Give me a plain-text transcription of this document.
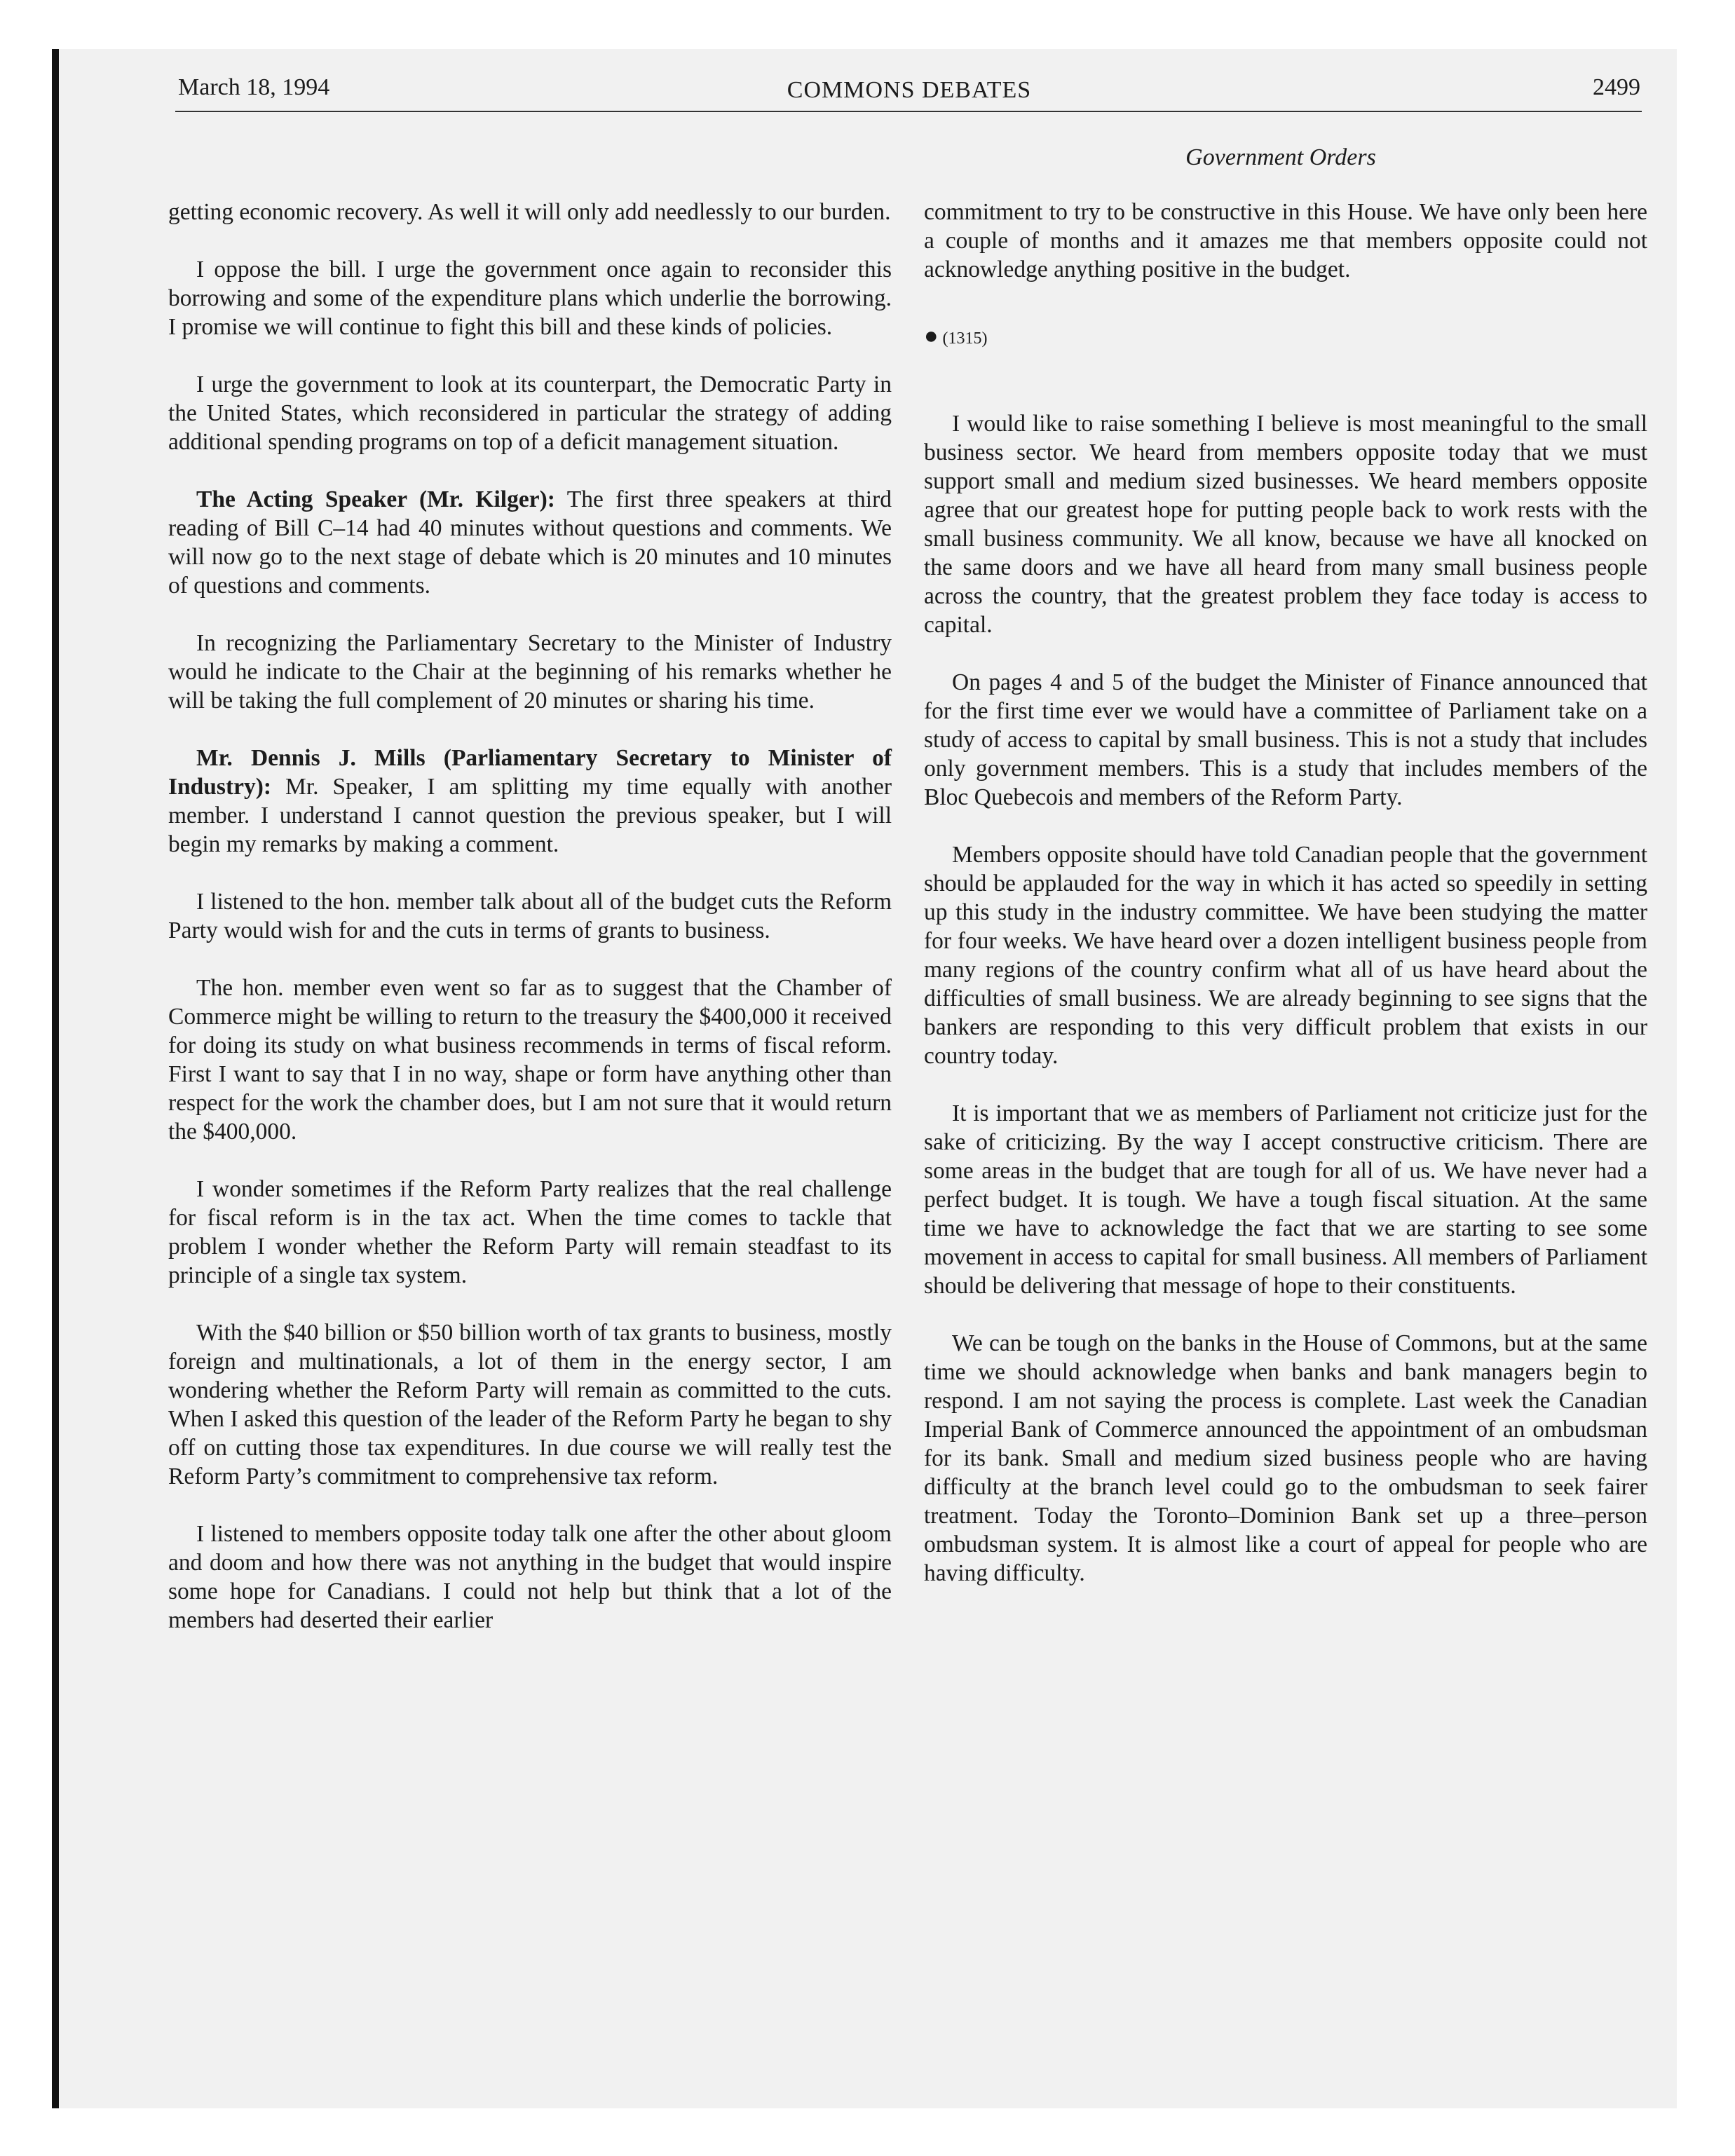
March 18, 1994	COMMONS DEBATES	2499
Government Orders

getting economic recovery. As well it will only add needlessly to our burden.

I oppose the bill. I urge the government once again to reconsider this borrowing and some of the expenditure plans which underlie the borrowing. I promise we will continue to fight this bill and these kinds of policies.

I urge the government to look at its counterpart, the Democratic Party in the United States, which reconsidered in particular the strategy of adding additional spending programs on top of a deficit management situation.

The Acting Speaker (Mr. Kilger): The first three speakers at third reading of Bill C–14 had 40 minutes without questions and comments. We will now go to the next stage of debate which is 20 minutes and 10 minutes of questions and comments.

In recognizing the Parliamentary Secretary to the Minister of Industry would he indicate to the Chair at the beginning of his remarks whether he will be taking the full complement of 20 minutes or sharing his time.

Mr. Dennis J. Mills (Parliamentary Secretary to Minister of Industry): Mr. Speaker, I am splitting my time equally with another member. I understand I cannot question the previous speaker, but I will begin my remarks by making a comment.

I listened to the hon. member talk about all of the budget cuts the Reform Party would wish for and the cuts in terms of grants to business.

The hon. member even went so far as to suggest that the Chamber of Commerce might be willing to return to the treasury the $400,000 it received for doing its study on what business recommends in terms of fiscal reform. First I want to say that I in no way, shape or form have anything other than respect for the work the chamber does, but I am not sure that it would return the $400,000.

I wonder sometimes if the Reform Party realizes that the real challenge for fiscal reform is in the tax act. When the time comes to tackle that problem I wonder whether the Reform Party will remain steadfast to its principle of a single tax system.

With the $40 billion or $50 billion worth of tax grants to business, mostly foreign and multinationals, a lot of them in the energy sector, I am wondering whether the Reform Party will remain as committed to the cuts. When I asked this question of the leader of the Reform Party he began to shy off on cutting those tax expenditures. In due course we will really test the Reform Party’s commitment to comprehensive tax reform.

I listened to members opposite today talk one after the other about gloom and doom and how there was not anything in the budget that would inspire some hope for Canadians. I could not help but think that a lot of the members had deserted their earlier

commitment to try to be constructive in this House. We have only been here a couple of months and it amazes me that members opposite could not acknowledge anything positive in the budget.

● (1315)

I would like to raise something I believe is most meaningful to the small business sector. We heard from members opposite today that we must support small and medium sized businesses. We heard members opposite agree that our greatest hope for putting people back to work rests with the small business community. We all know, because we have all knocked on the same doors and we have all heard from many small business people across the country, that the greatest problem they face today is access to capital.

On pages 4 and 5 of the budget the Minister of Finance announced that for the first time ever we would have a committee of Parliament take on a study of access to capital by small business. This is not a study that includes only government members. This is a study that includes members of the Bloc Quebecois and members of the Reform Party.

Members opposite should have told Canadian people that the government should be applauded for the way in which it has acted so speedily in setting up this study in the industry committee. We have been studying the matter for four weeks. We have heard over a dozen intelligent business people from many regions of the country confirm what all of us have heard about the difficulties of small business. We are already beginning to see signs that the bankers are responding to this very difficult problem that exists in our country today.

It is important that we as members of Parliament not criticize just for the sake of criticizing. By the way I accept constructive criticism. There are some areas in the budget that are tough for all of us. We have never had a perfect budget. It is tough. We have a tough fiscal situation. At the same time we have to acknowledge the fact that we are starting to see some movement in access to capital for small business. All members of Parliament should be delivering that message of hope to their constituents.

We can be tough on the banks in the House of Commons, but at the same time we should acknowledge when banks and bank managers begin to respond. I am not saying the process is complete. Last week the Canadian Imperial Bank of Commerce announced the appointment of an ombudsman for its bank. Small and medium sized business people who are having difficulty at the branch level could go to the ombudsman to seek fairer treatment. Today the Toronto–Dominion Bank set up a three–person ombudsman system. It is almost like a court of appeal for people who are having difficulty.
